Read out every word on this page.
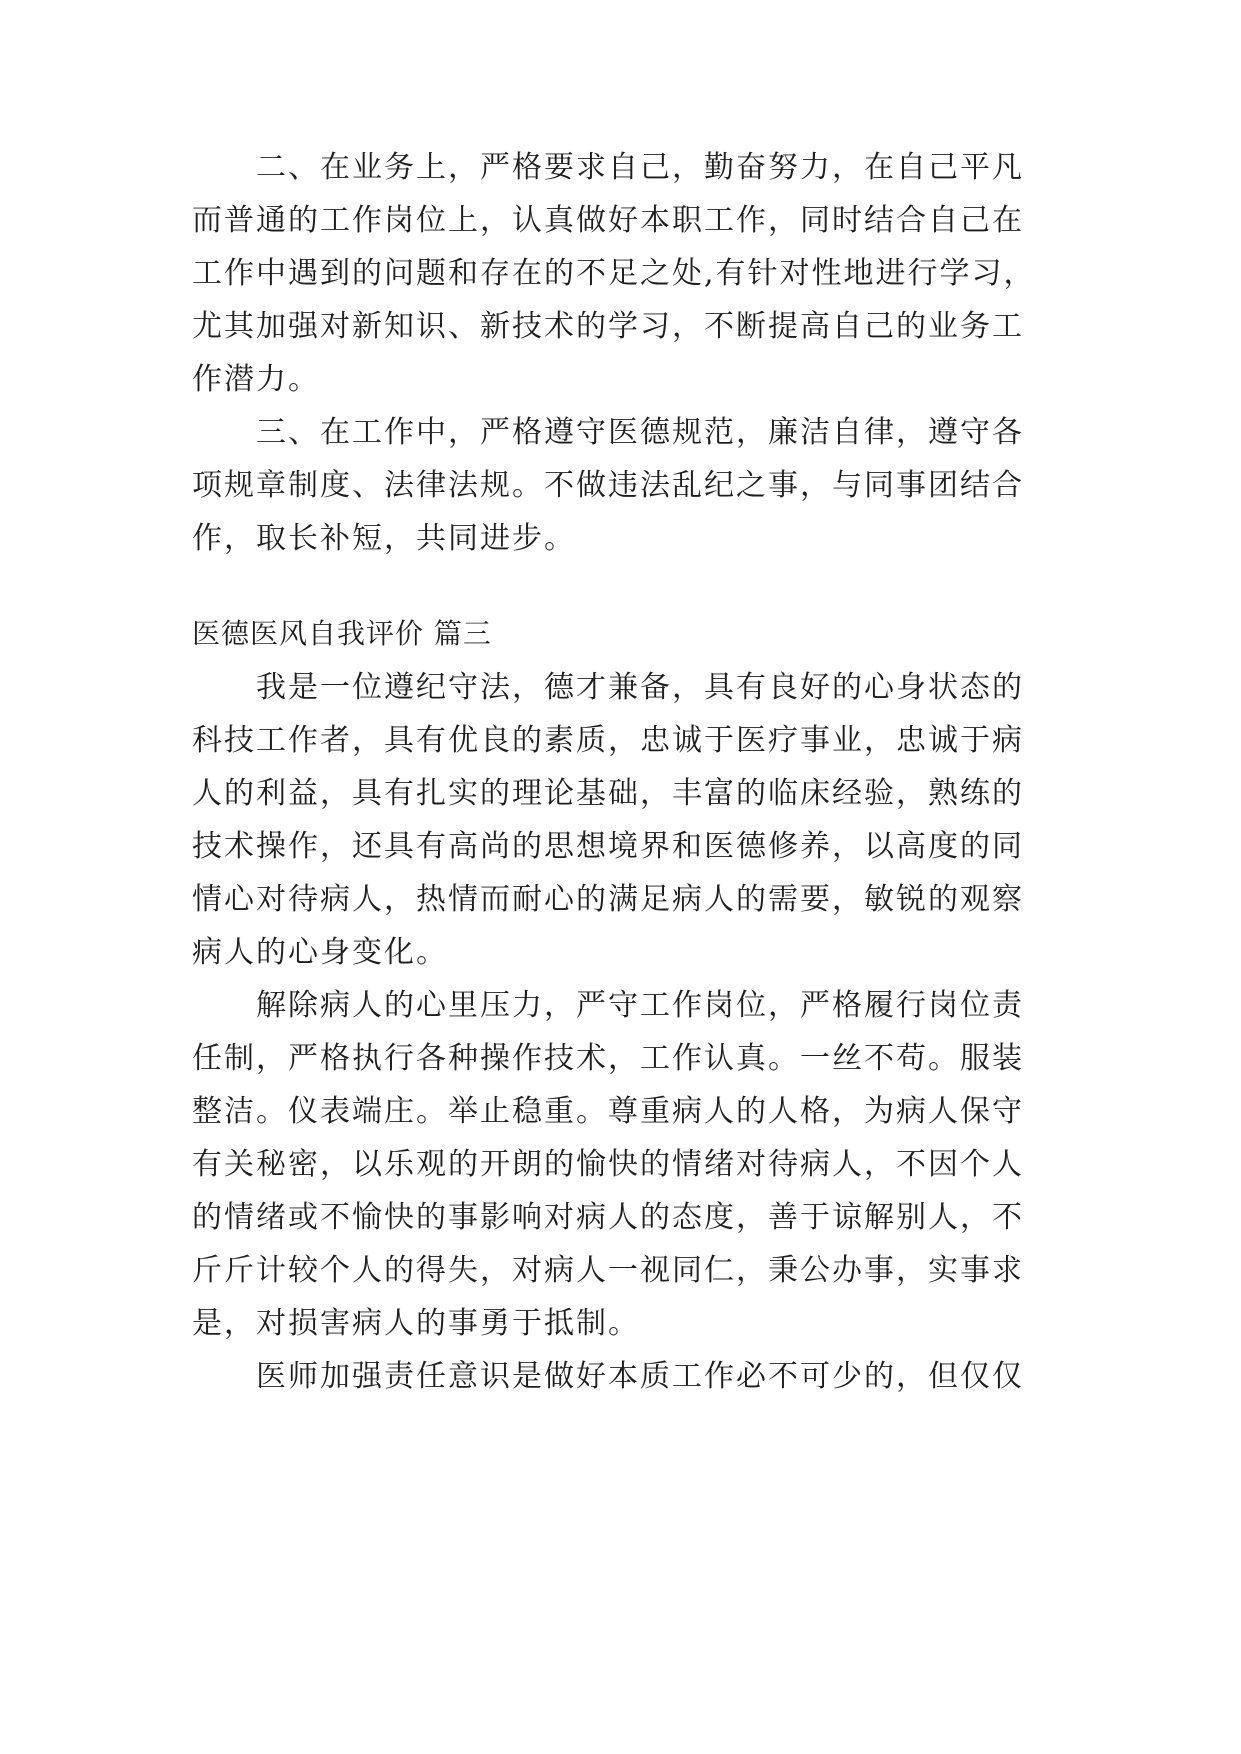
二、在业务上，严格要求自己，勤奋努力，在自己平凡
而普通的工作岗位上，认真做好本职工作，同时结合自己在
工作中遇到的问题和存在的不足之处,有针对性地进行学习，
尤其加强对新知识、新技术的学习，不断提高自己的业务工
作潜力。
三、在工作中，严格遵守医德规范，廉洁自律，遵守各
项规章制度、法律法规。不做违法乱纪之事，与同事团结合
作，取长补短，共同进步。
医德医风自我评价 篇三
我是一位遵纪守法，德才兼备，具有良好的心身状态的
科技工作者，具有优良的素质，忠诚于医疗事业，忠诚于病
人的利益，具有扎实的理论基础，丰富的临床经验，熟练的
技术操作，还具有高尚的思想境界和医德修养，以高度的同
情心对待病人，热情而耐心的满足病人的需要，敏锐的观察
病人的心身变化。
解除病人的心里压力，严守工作岗位，严格履行岗位责
任制，严格执行各种操作技术，工作认真。一丝不苟。服装
整洁。仪表端庄。举止稳重。尊重病人的人格，为病人保守
有关秘密，以乐观的开朗的愉快的情绪对待病人，不因个人
的情绪或不愉快的事影响对病人的态度，善于谅解别人，不
斤斤计较个人的得失，对病人一视同仁，秉公办事，实事求
是，对损害病人的事勇于抵制。
医师加强责任意识是做好本质工作必不可少的，但仅仅
